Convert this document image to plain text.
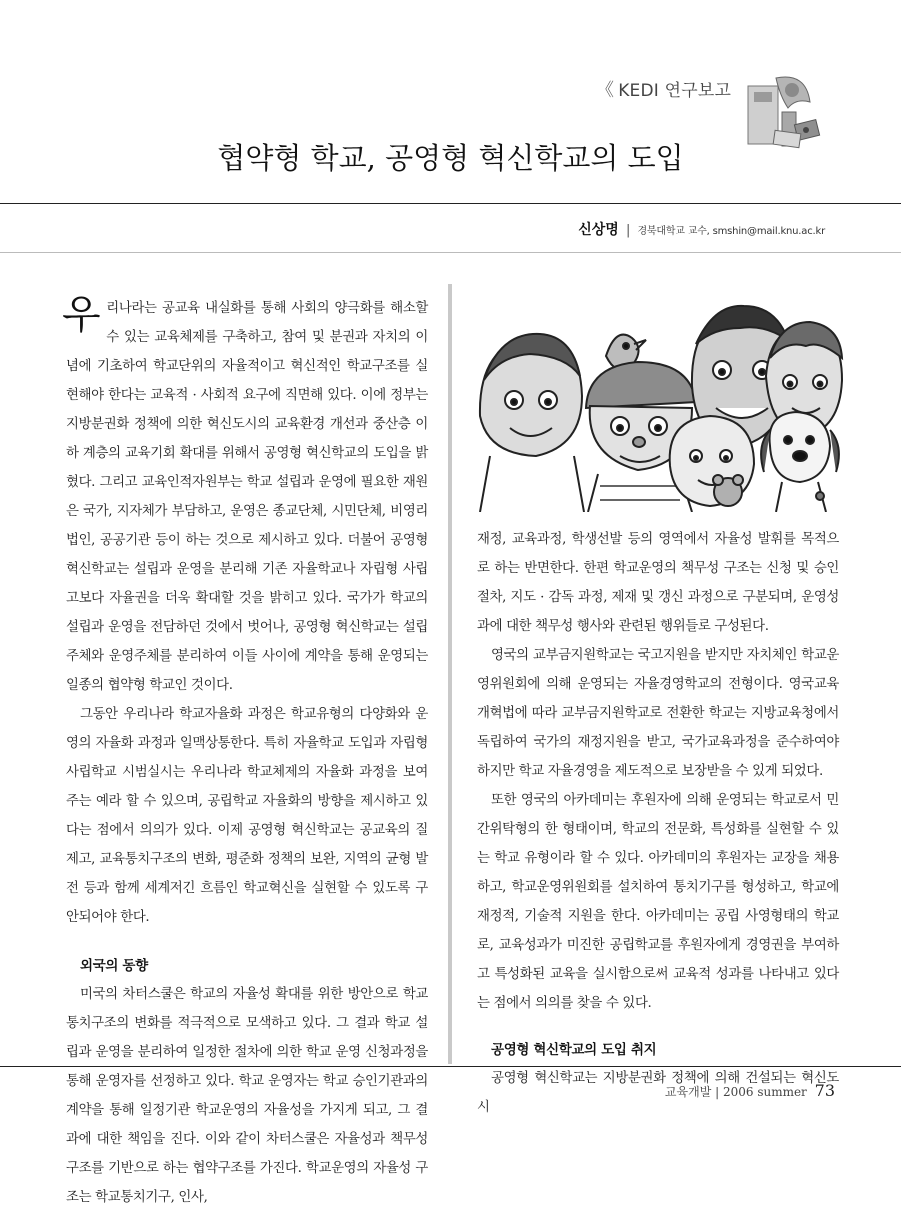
《 KEDI 연구보고
협약형 학교, 공영형 혁신학교의 도입
신상명 | 경북대학교 교수, smshin@mail.knu.ac.kr

우리나라는 공교육 내실화를 통해 사회의 양극화를 해소할 수 있는 교육체제를 구축하고, 참여 및 분권과 자치의 이념에 기초하여 학교단위의 자율적이고 혁신적인 학교구조를 실현해야 한다는 교육적 · 사회적 요구에 직면해 있다. 이에 정부는 지방분권화 정책에 의한 혁신도시의 교육환경 개선과 중산층 이하 계층의 교육기회 확대를 위해서 공영형 혁신학교의 도입을 밝혔다. 그리고 교육인적자원부는 학교 설립과 운영에 필요한 재원은 국가, 지자체가 부담하고, 운영은 종교단체, 시민단체, 비영리법인, 공공기관 등이 하는 것으로 제시하고 있다. 더불어 공영형 혁신학교는 설립과 운영을 분리해 기존 자율학교나 자립형 사립고보다 자율권을 더욱 확대할 것을 밝히고 있다. 국가가 학교의 설립과 운영을 전담하던 것에서 벗어나, 공영형 혁신학교는 설립주체와 운영주체를 분리하여 이들 사이에 계약을 통해 운영되는 일종의 협약형 학교인 것이다.

그동안 우리나라 학교자율화 과정은 학교유형의 다양화와 운영의 자율화 과정과 일맥상통한다. 특히 자율학교 도입과 자립형 사립학교 시범실시는 우리나라 학교체제의 자율화 과정을 보여주는 예라 할 수 있으며, 공립학교 자율화의 방향을 제시하고 있다는 점에서 의의가 있다. 이제 공영형 혁신학교는 공교육의 질 제고, 교육통치구조의 변화, 평준화 정책의 보완, 지역의 균형 발전 등과 함께 세계저긴 흐름인 학교혁신을 실현할 수 있도록 구안되어야 한다.

외국의 동향

미국의 차터스쿨은 학교의 자율성 확대를 위한 방안으로 학교통치구조의 변화를 적극적으로 모색하고 있다. 그 결과 학교 설립과 운영을 분리하여 일정한 절차에 의한 학교 운영 신청과정을 통해 운영자를 선정하고 있다. 학교 운영자는 학교 승인기관과의 계약을 통해 일정기관 학교운영의 자율성을 가지게 되고, 그 결과에 대한 책임을 진다. 이와 같이 차터스쿨은 자율성과 책무성 구조를 기반으로 하는 협약구조를 가진다. 학교운영의 자율성 구조는 학교통치기구, 인사,

재정, 교육과정, 학생선발 등의 영역에서 자율성 발휘를 목적으로 하는 반면한다. 한편 학교운영의 책무성 구조는 신청 및 승인 절차, 지도 · 감독 과정, 제재 및 갱신 과정으로 구분되며, 운영성과에 대한 책무성 행사와 관련된 행위들로 구성된다.

영국의 교부금지원학교는 국고지원을 받지만 자치체인 학교운영위원회에 의해 운영되는 자율경영학교의 전형이다. 영국교육개혁법에 따라 교부금지원학교로 전환한 학교는 지방교육청에서 독립하여 국가의 재정지원을 받고, 국가교육과정을 준수하여야 하지만 학교 자율경영을 제도적으로 보장받을 수 있게 되었다.

또한 영국의 아카데미는 후원자에 의해 운영되는 학교로서 민간위탁형의 한 형태이며, 학교의 전문화, 특성화를 실현할 수 있는 학교 유형이라 할 수 있다. 아카데미의 후원자는 교장을 채용하고, 학교운영위원회를 설치하여 통치기구를 형성하고, 학교에 재정적, 기술적 지원을 한다. 아카데미는 공립 사영형태의 학교로, 교육성과가 미진한 공립학교를 후원자에게 경영권을 부여하고 특성화된 교육을 실시함으로써 교육적 성과를 나타내고 있다는 점에서 의의를 찾을 수 있다.

공영형 혁신학교의 도입 취지

공영형 혁신학교는 지방분권화 정책에 의해 건설되는 혁신도시

교육개발 | 2006 summer 73
